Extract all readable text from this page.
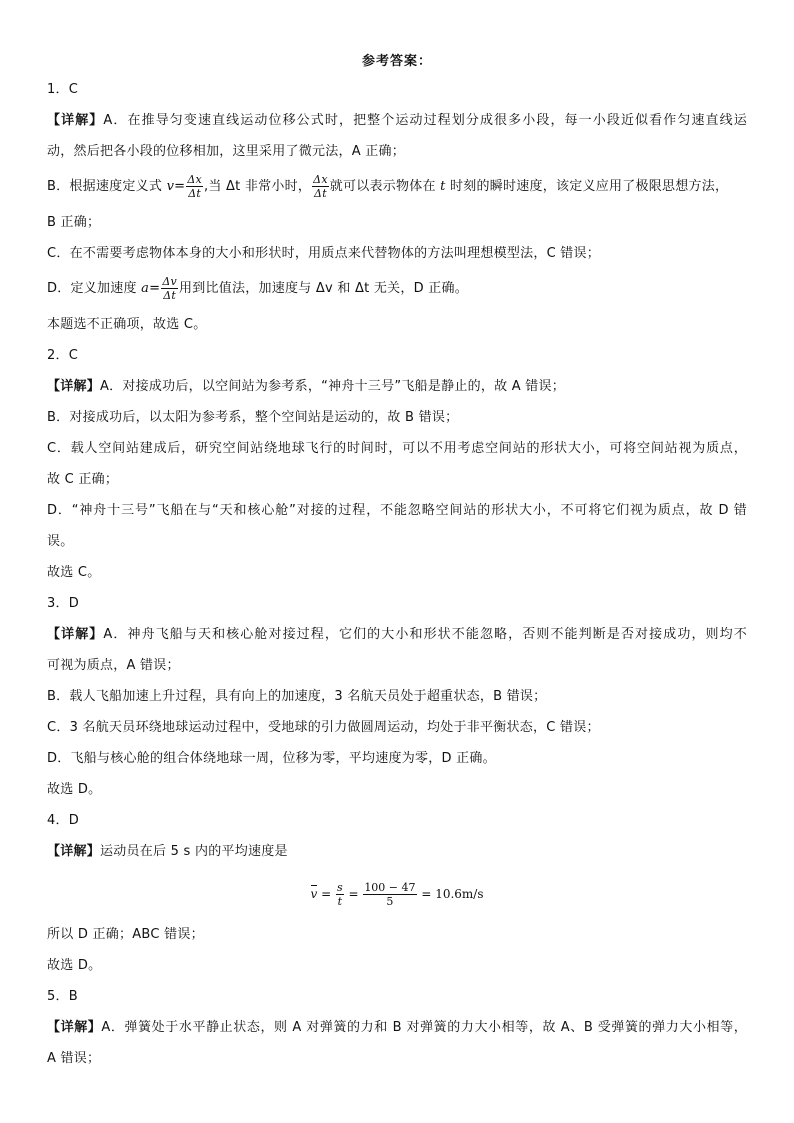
参考答案：
1．C
【详解】A．在推导匀变速直线运动位移公式时，把整个运动过程划分成很多小段，每一小段近似看作匀速直线运
动，然后把各小段的位移相加，这里采用了微元法，A 正确；
B．根据速度定义式 $v= \frac{\Delta x}{\Delta t}$ ,当 Δt 非常小时， $\frac{\Delta x}{\Delta t}$ 就可以表示物体在 t 时刻的瞬时速度，该定义应用了极限思想方法，
B 正确；
C．在不需要考虑物体本身的大小和形状时，用质点来代替物体的方法叫理想模型法，C 错误；
D．定义加速度 $a= \frac{\Delta v}{\Delta t}$ 用到比值法，加速度与 Δv 和 Δt 无关，D 正确。
本题选不正确项，故选 C。
2．C
【详解】A．对接成功后，以空间站为参考系，“神舟十三号”飞船是静止的，故 A 错误；
B．对接成功后，以太阳为参考系，整个空间站是运动的，故 B 错误；
C．载人空间站建成后，研究空间站绕地球飞行的时间时，可以不用考虑空间站的形状大小，可将空间站视为质点，
故 C 正确；
D．“神舟十三号”飞船在与“天和核心舱”对接的过程，不能忽略空间站的形状大小，不可将它们视为质点，故 D 错
误。
故选 C。
3．D
【详解】A．神舟飞船与天和核心舱对接过程，它们的大小和形状不能忽略，否则不能判断是否对接成功，则均不
可视为质点，A 错误；
B．载人飞船加速上升过程，具有向上的加速度，3 名航天员处于超重状态，B 错误；
C．3 名航天员环绕地球运动过程中，受地球的引力做圆周运动，均处于非平衡状态，C 错误；
D．飞船与核心舱的组合体绕地球一周，位移为零，平均速度为零，D 正确。
故选 D。
4．D
【详解】运动员在后 5 s 内的平均速度是
$v = \frac{s}{t} = \frac{100 - 47}{5} = 10.6m/s$
所以 D 正确；ABC 错误；
故选 D。
5．B
【详解】A．弹簧处于水平静止状态，则 A 对弹簧的力和 B 对弹簧的力大小相等，故 A、B 受弹簧的弹力大小相等，
A 错误；
